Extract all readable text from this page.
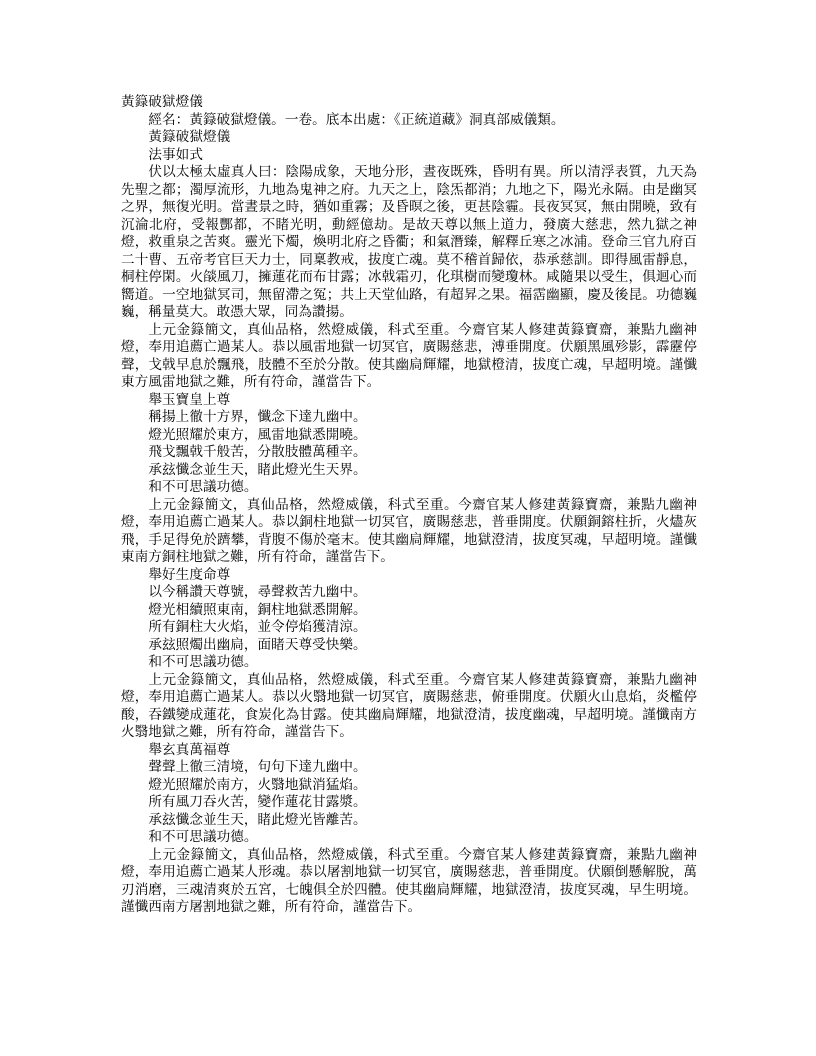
黃籙破獄燈儀

經名：黃籙破獄燈儀。一卷。底本出處：《正統道藏》洞真部威儀類。

黃籙破獄燈儀

法事如式

伏以太極太虛真人曰：陰陽成象，天地分形，晝夜既殊，昏明有異。所以清浮表質，九天為先聖之都；濁厚流形，九地為鬼神之府。九天之上，陰炁都消；九地之下，陽光永隔。由是幽冥之界，無復光明。當晝景之時，猶如重霧；及昏暝之後，更甚陰霾。長夜冥冥，無由開曉，致有沉淪北府，受報酆都，不睹光明，動經億劫。是故天尊以無上道力，發廣大慈悲，然九獄之神燈，救重泉之苦爽。靈光下燭，煥明北府之昏衢；和氣潛臻，解釋丘寒之冰浦。登命三官九府百二十曹、五帝考官巨天力士，同稟教戒，拔度亡魂。莫不稽首歸依，恭承慈訓。即得風雷靜息，桐柱停閑。火燄風刀，擁蓮花而布甘露；冰戟霜刃，化琪樹而變瓊林。咸隨果以受生，俱迴心而嚮道。一空地獄冥司，無留滯之冤；共上天堂仙路，有超昇之果。福霑幽顯，慶及後昆。功德巍巍，稱量莫大。敢憑大眾，同為讚揚。

上元金籙簡文，真仙品格，然燈威儀，科式至重。今齋官某人修建黃籙寶齋，兼點九幽神燈，奉用追薦亡過某人。恭以風雷地獄一切冥官，廣賜慈悲，溥垂開度。伏願黑風殄影，霹靂停聲，戈戟早息於飄飛，肢體不至於分散。使其幽扃輝耀，地獄橙清，拔度亡魂，早超明境。謹懺東方風雷地獄之難，所有符命，謹當告下。

舉玉寶皇上尊

稱揚上徹十方界，懺念下達九幽中。

燈光照耀於東方，風雷地獄悉開曉。

飛戈飄戟千般苦，分散肢體萬種辛。

承玆懺念並生天，睹此燈光生天界。

和不可思議功德。

上元金籙簡文，真仙品格，然燈威儀，科式至重。今齋官某人修建黃籙寶齋，兼點九幽神燈，奉用追薦亡過某人。恭以銅柱地獄一切冥官，廣賜慈悲，普垂開度。伏願銅鎔柱折，火燼灰飛，手足得免於躋攀，背腹不傷於毫末。使其幽扃輝耀，地獄澄清，拔度冥魂，早超明境。謹懺東南方銅柱地獄之難，所有符命，謹當告下。

舉好生度命尊

以今稱讚天尊號，尋聲救苦九幽中。

燈光相續照東南，銅柱地獄悉開解。

所有銅柱大火焰，並令停焰獲清涼。

承玆照燭出幽扃，面睹天尊受快樂。

和不可思議功德。

上元金籙簡文，真仙品格，然燈威儀，科式至重。今齋官某人修建黃籙寶齋，兼點九幽神燈，奉用追薦亡過某人。恭以火翳地獄一切冥官，廣賜慈悲，俯垂開度。伏願火山息焰，炎檻停酸，吞鐵變成蓮花，食炭化為甘露。使其幽扃輝耀，地獄澄清，拔度幽魂，早超明境。謹懺南方火翳地獄之難，所有符命，謹當告下。

舉玄真萬福尊

聲聲上徹三清境，句句下達九幽中。

燈光照耀於南方，火翳地獄消猛焰。

所有風刀吞火苦，變作蓮花甘露漿。

承玆懺念並生天，睹此燈光皆離苦。

和不可思議功德。

上元金籙簡文，真仙品格，然燈威儀，科式至重。今齋官某人修建黃籙寶齋，兼點九幽神燈，奉用追薦亡過某人形魂。恭以屠割地獄一切冥官，廣賜慈悲，普垂開度。伏願倒懸解脫，萬刃消磨，三魂清爽於五宮，七魄俱全於四體。使其幽扃輝耀，地獄澄清，拔度冥魂，早生明境。謹懺西南方屠割地獄之難，所有符命，謹當告下。
